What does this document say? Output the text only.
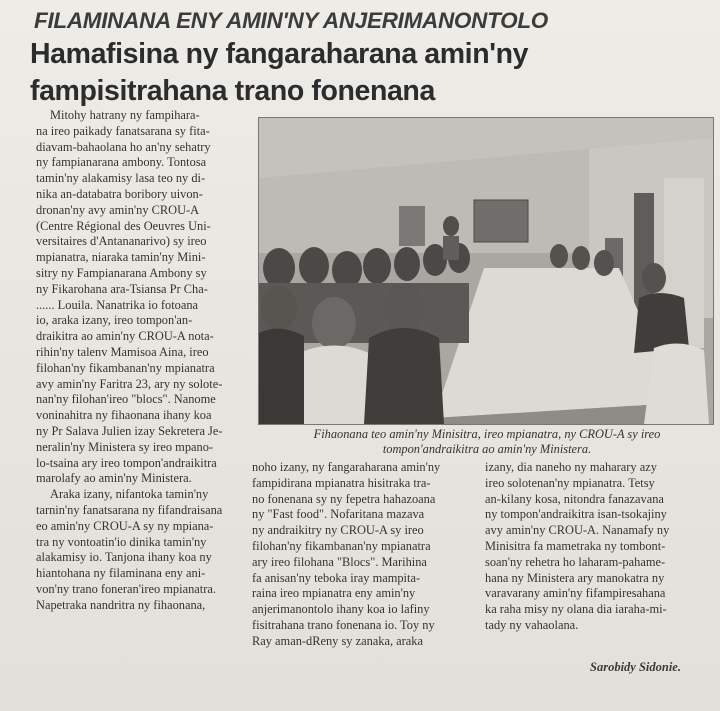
FILAMINANA ENY AMIN'NY ANJERIMANONTOLO
Hamafisina ny fangaraharana amin'ny
fampisitrahana trano fonenana
Mitohy hatrany ny fampihara-
na ireo paikady fanatsarana sy fita-
diavam-bahaolana ho an'ny sehatry
ny fampianarana ambony. Tontosa
tamin'ny alakamisy lasa teo ny di-
nika an-databatra boribory uivon-
dronan'ny avy amin'ny CROU-A
(Centre Régional des Oeuvres Uni-
versitaires d'Antananarivo) sy ireo
mpianatra, niaraka tamin'ny Mini-
sitry ny Fampianarana Ambony sy
ny Fikarohana ara-Tsiansa Pr Cha-
...... Louila. Nanatrika io fotoana
io, araka izany, ireo tompon'an-
draikitra ao amin'ny CROU-A nota-
rihin'ny talenv Mamisoa Aina, ireo
filohan'ny fikambanan'ny mpianatra
avy amin'ny Faritra 23, ary ny solote-
nan'ny filohan'ireo "blocs". Nanome
voninahitra ny fihaonana ihany koa
ny Pr Salava Julien izay Sekretera Je-
neralin'ny Ministera sy ireo mpano-
lo-tsaina ary ireo tompon'andraikitra
marolafy ao amin'ny Ministera.
Araka izany, nifantoka tamin'ny
tarnin'ny fanatsarana ny fifandraisana
eo amin'ny CROU-A sy ny mpiana-
tra ny vontoatin'io dinika tamin'ny
alakamisy io. Tanjona ihany koa ny
hiantohana ny filaminana eny ani-
von'ny trano foneran'ireo mpianatra.
Napetraka nandritra ny fihaonana,
Fihaonana teo amin'ny Minisitra, ireo mpianatra, ny CROU-A sy ireo
tompon'andraikitra ao amin'ny Ministera.
noho izany, ny fangaraharana amin'ny
fampidirana mpianatra hisitraka tra-
no fonenana sy ny fepetra hahazoana
ny "Fast food". Nofaritana mazava
ny andraikitry ny CROU-A sy ireo
filohan'ny fikambanan'ny mpianatra
ary ireo filohana "Blocs". Marihina
fa anisan'ny teboka iray mampita-
raina ireo mpianatra eny amin'ny
anjerimanontolo ihany koa io lafiny
fisitrahana trano fonenana io. Toy ny
Ray aman-dReny sy zanaka, araka
izany, dia naneho ny maharary azy
ireo solotenan'ny mpianatra. Tetsy
an-kilany kosa, nitondra fanazavana
ny tompon'andraikitra isan-tsokajiny
avy amin'ny CROU-A. Nanamafy ny
Minisitra fa mametraka ny tombont-
soan'ny rehetra ho laharam-pahame-
hana ny Ministera ary manokatra ny
varavarany amin'ny fifampiresahana
ka raha misy ny olana dia iaraha-mi-
tady ny vahaolana.
Sarobidy Sidonie.
